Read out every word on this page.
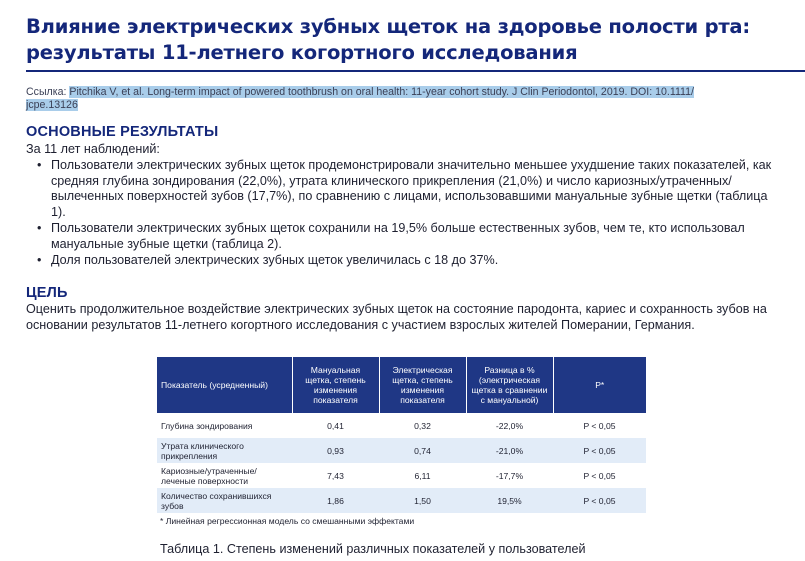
Влияние электрических зубных щеток на здоровье полости рта: результаты 11-летнего когортного исследования
Ссылка: Pitchika V, et al. Long-term impact of powered toothbrush on oral health: 11-year cohort study. J Clin Periodontol, 2019. DOI: 10.1111/ jcpe.13126
ОСНОВНЫЕ РЕЗУЛЬТАТЫ
За 11 лет наблюдений:
• Пользователи электрических зубных щеток продемонстрировали значительно меньшее ухудшение таких показателей, как средняя глубина зондирования (22,0%), утрата клинического прикрепления (21,0%) и число кариозных/утраченных/вылеченных поверхностей зубов (17,7%), по сравнению с лицами, использовавшими мануальные зубные щетки (таблица 1).
• Пользователи электрических зубных щеток сохранили на 19,5% больше естественных зубов, чем те, кто использовал мануальные зубные щетки (таблица 2).
• Доля пользователей электрических зубных щеток увеличилась с 18 до 37%.
ЦЕЛЬ
Оценить продолжительное воздействие электрических зубных щеток на состояние пародонта, кариес и сохранность зубов на основании результатов 11-летнего когортного исследования с участием взрослых жителей Померании, Германия.
Показатель (усредненный)	Мануальная щетка, степень изменения показателя	Электрическая щетка, степень изменения показателя	Разница в % (электрическая щетка в сравнении с мануальной)	P*
Глубина зондирования	0,41	0,32	-22,0%	P < 0,05
Утрата клинического прикрепления	0,93	0,74	-21,0%	P < 0,05
Кариозные/утраченные/ леченые поверхности	7,43	6,11	-17,7%	P < 0,05
Количество сохранившихся зубов	1,86	1,50	19,5%	P < 0,05
* Линейная регрессионная модель со смешанными эффектами
Таблица 1. Степень изменений различных показателей у пользователей
